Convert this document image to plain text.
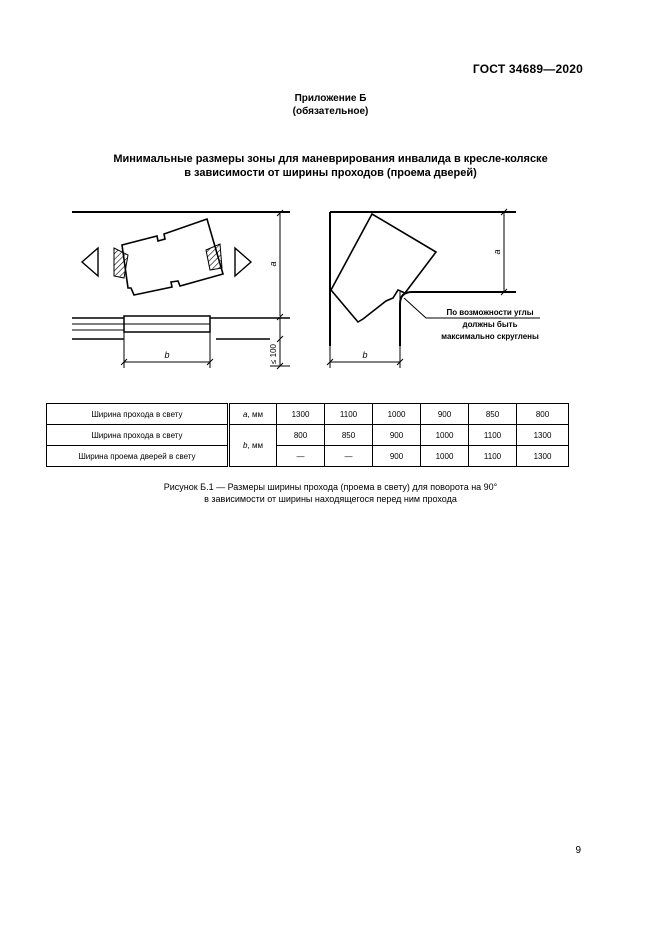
ГОСТ 34689—2020
Приложение Б
(обязательное)
Минимальные размеры зоны для маневрирования инвалида в кресле-коляске
в зависимости от ширины проходов (проема дверей)
b
a
≤ 100	b
a
По возможности углы
должны быть
максимально скруглены
Ширина прохода в свету	a, мм	1300	1100	1000	900	850	800
Ширина прохода в свету	b, мм	800	850	900	1000	1100	1300
Ширина проема дверей в свету		—	—	900	1000	1100	1300
Рисунок Б.1 — Размеры ширины прохода (проема в свету) для поворота на 90°
в зависимости от ширины находящегося перед ним прохода
9
